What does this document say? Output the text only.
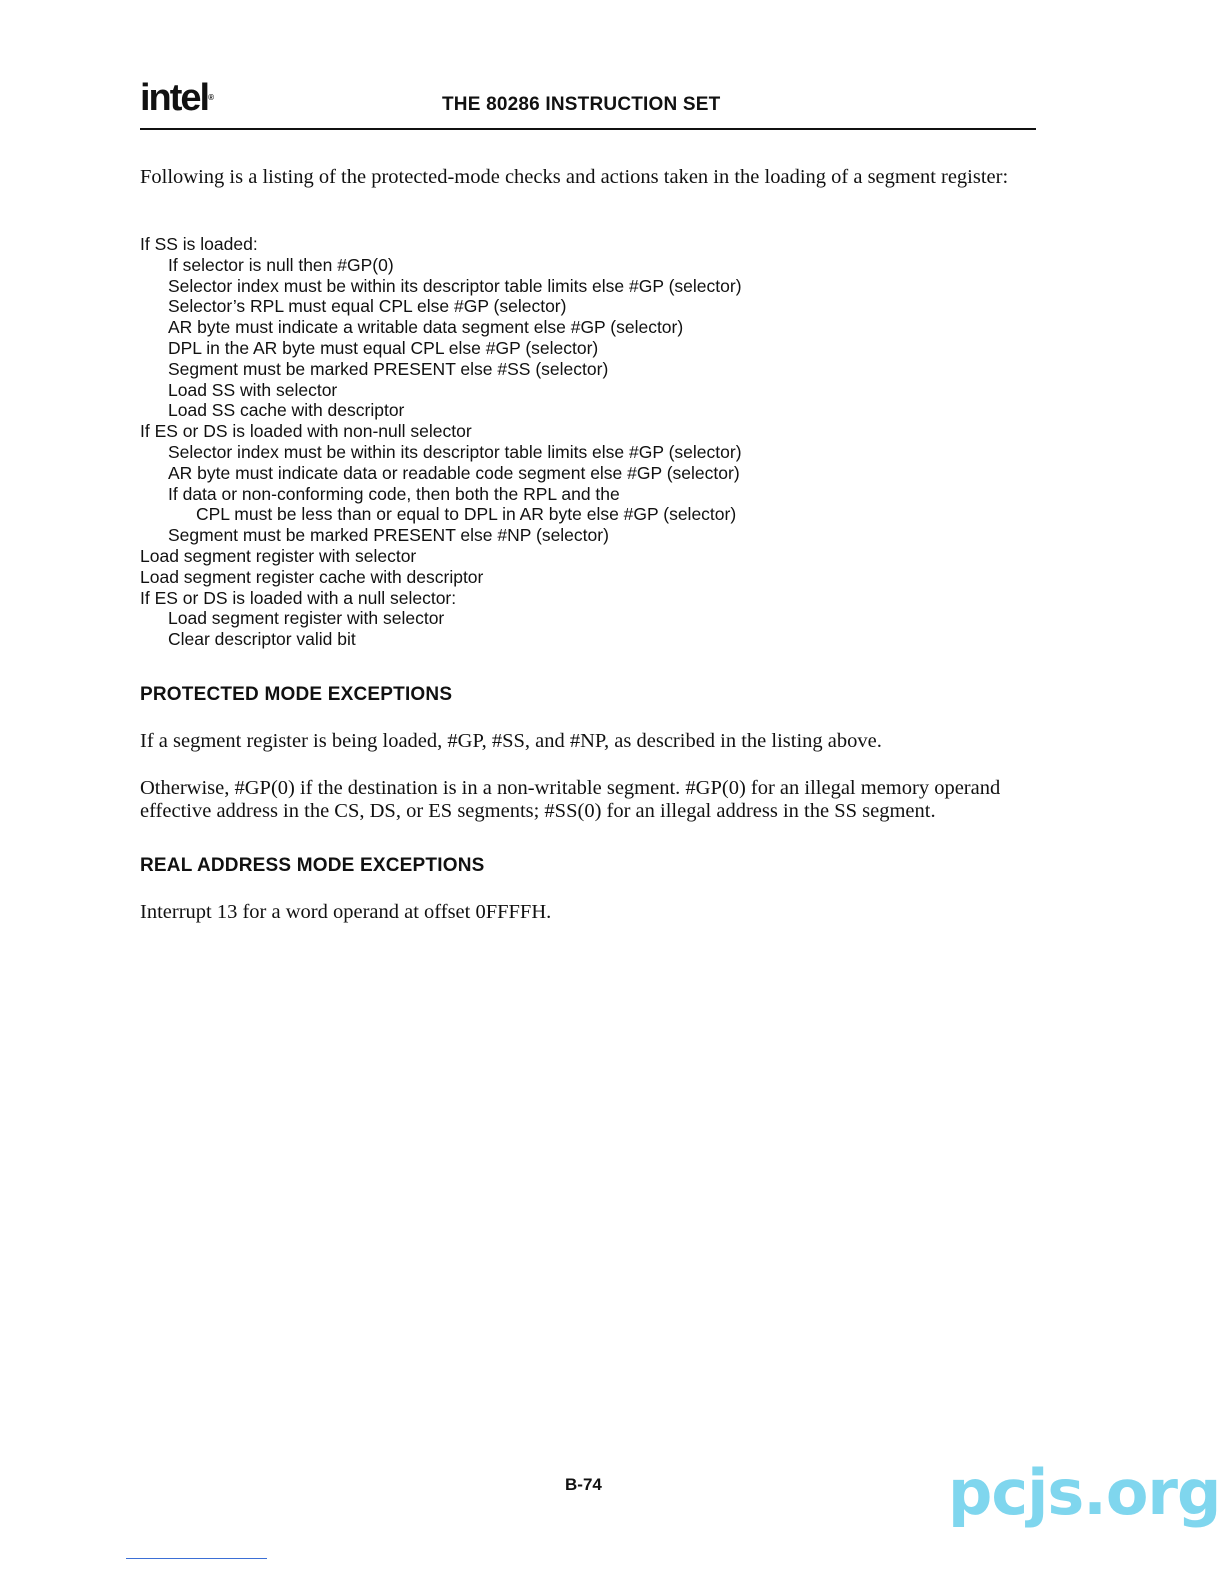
intel®	THE 80286 INSTRUCTION SET

Following is a listing of the protected-mode checks and actions taken in the loading of a segment register:

If SS is loaded:
If selector is null then #GP(0)
Selector index must be within its descriptor table limits else #GP (selector)
Selector’s RPL must equal CPL else #GP (selector)
AR byte must indicate a writable data segment else #GP (selector)
DPL in the AR byte must equal CPL else #GP (selector)
Segment must be marked PRESENT else #SS (selector)
Load SS with selector
Load SS cache with descriptor
If ES or DS is loaded with non-null selector
Selector index must be within its descriptor table limits else #GP (selector)
AR byte must indicate data or readable code segment else #GP (selector)
If data or non-conforming code, then both the RPL and the
CPL must be less than or equal to DPL in AR byte else #GP (selector)
Segment must be marked PRESENT else #NP (selector)
Load segment register with selector
Load segment register cache with descriptor
If ES or DS is loaded with a null selector:
Load segment register with selector
Clear descriptor valid bit
PROTECTED MODE EXCEPTIONS

If a segment register is being loaded, #GP, #SS, and #NP, as described in the listing above.

Otherwise, #GP(0) if the destination is in a non-writable segment. #GP(0) for an illegal memory operand effective address in the CS, DS, or ES segments; #SS(0) for an illegal address in the SS segment.

REAL ADDRESS MODE EXCEPTIONS

Interrupt 13 for a word operand at offset 0FFFFH.

B-74	pcjs.org
